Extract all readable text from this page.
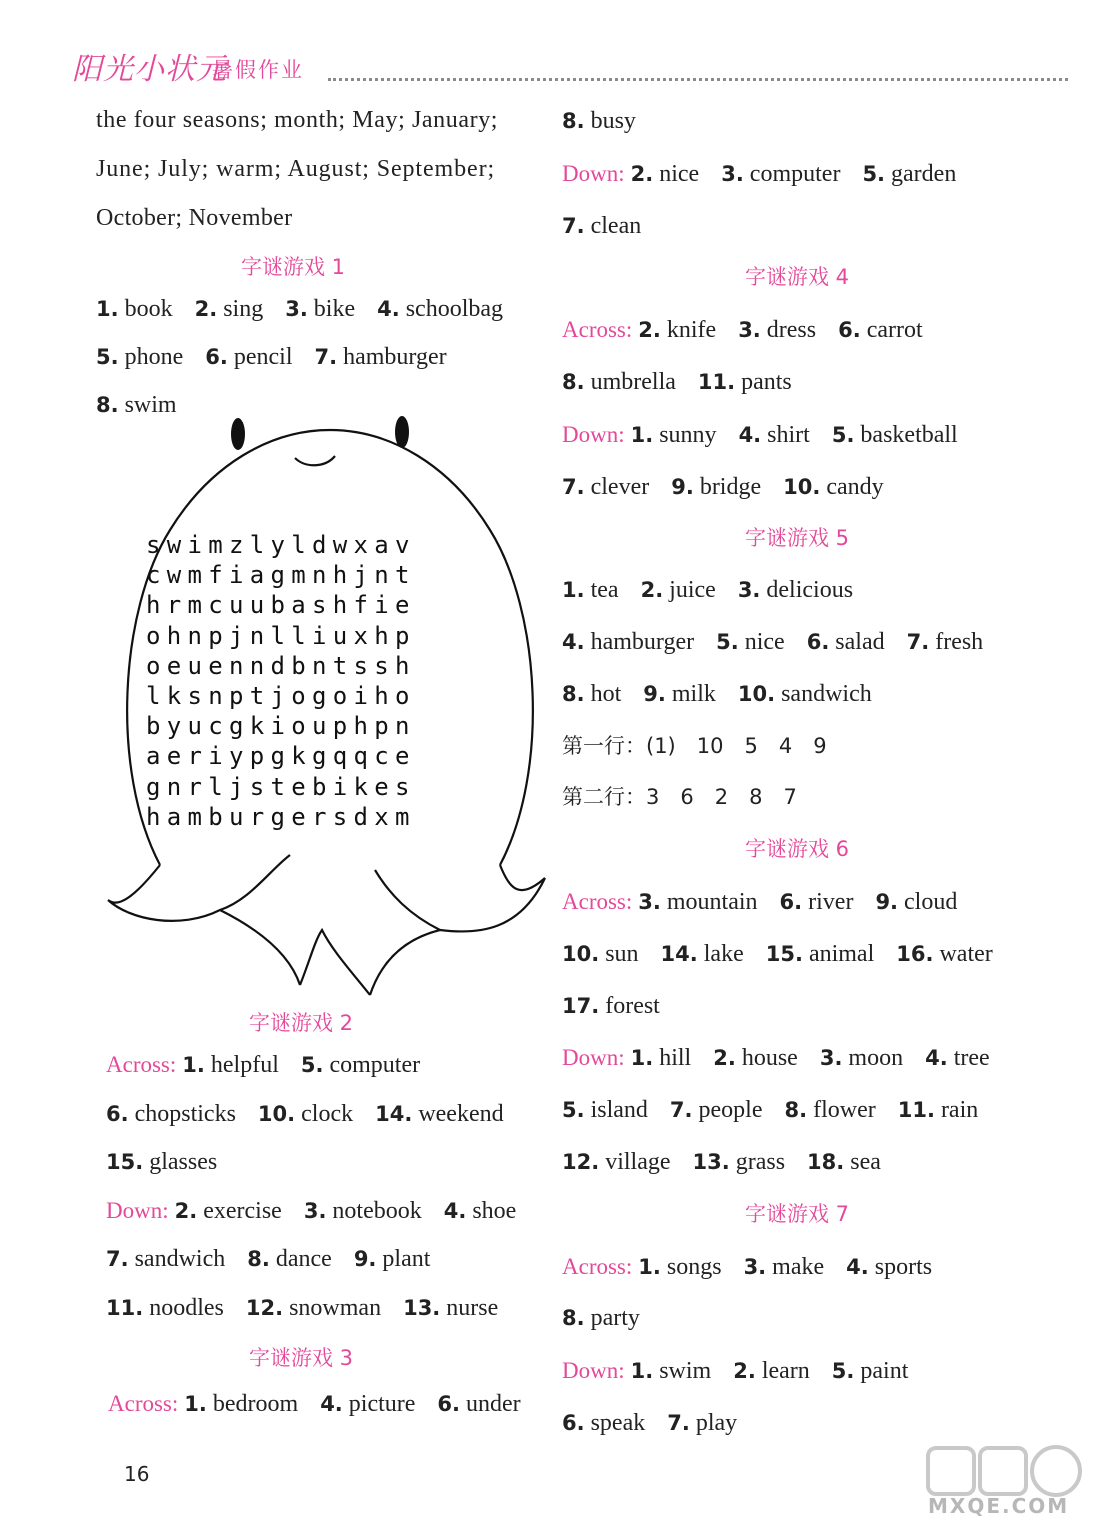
阳光小状元
暑假作业
the four seasons; month; May; January;
June; July; warm; August; September;
October; November
字谜游戏 1
1. book 2. sing 3. bike 4. schoolbag
5. phone 6. pencil 7. hamburger
8. swim
swimzlyldwxav
cwmfiagmnhjnt
hrmcuubashfie
ohnpjnlliuxhp
oeuenndbntssh
lksnptjogoiho
byucgkiouphpn
aeriypgkgqqce
gnrljstebikes
hamburgersdxm
字谜游戏 2
Across: 1. helpful 5. computer
6. chopsticks 10. clock 14. weekend
15. glasses
Down: 2. exercise 3. notebook 4. shoe
7. sandwich 8. dance 9. plant
11. noodles 12. snowman 13. nurse
字谜游戏 3
Across: 1. bedroom 4. picture 6. under
16
8. busy
Down: 2. nice 3. computer 5. garden
7. clean
字谜游戏 4
Across: 2. knife 3. dress 6. carrot
8. umbrella 11. pants
Down: 1. sunny 4. shirt 5. basketball
7. clever 9. bridge 10. candy
字谜游戏 5
1. tea 2. juice 3. delicious
4. hamburger 5. nice 6. salad 7. fresh
8. hot 9. milk 10. sandwich
第一行：(1)　10　5　4　9
第二行：3　6　2　8　7
字谜游戏 6
Across: 3. mountain 6. river 9. cloud
10. sun 14. lake 15. animal 16. water
17. forest
Down: 1. hill 2. house 3. moon 4. tree
5. island 7. people 8. flower 11. rain
12. village 13. grass 18. sea
字谜游戏 7
Across: 1. songs 3. make 4. sports
8. party
Down: 1. swim 2. learn 5. paint
6. speak 7. play
MXQE.COM
